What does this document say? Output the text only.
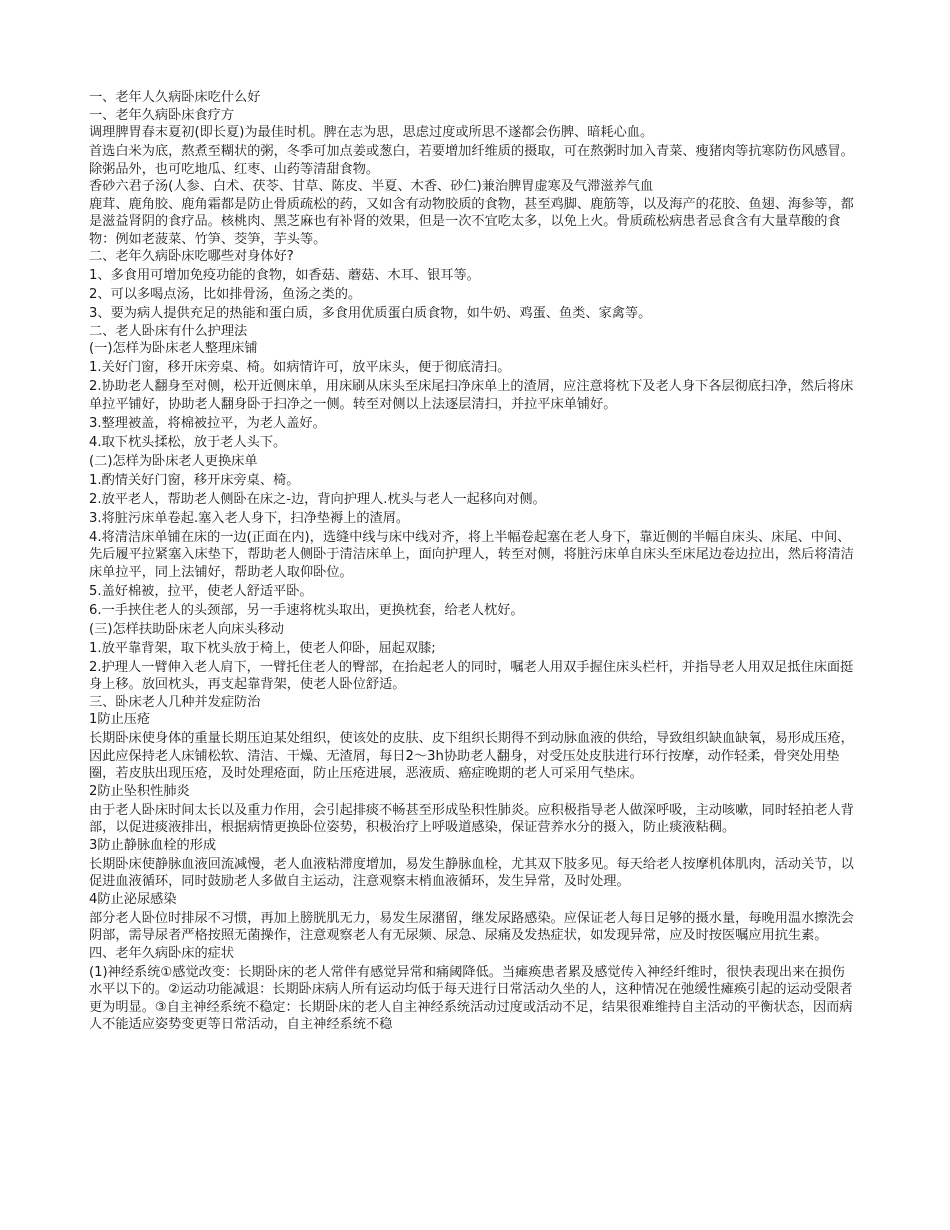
一、老年人久病卧床吃什么好

一、老年久病卧床食疗方

调理脾胃春末夏初(即长夏)为最佳时机。脾在志为思，思虑过度或所思不遂都会伤脾、暗耗心血。

首选白米为底，熬煮至糊状的粥，冬季可加点姜或葱白，若要增加纤维质的摄取，可在熬粥时加入青菜、瘦猪肉等抗寒防伤风感冒。除粥品外，也可吃地瓜、红枣、山药等清甜食物。

香砂六君子汤(人参、白术、茯苓、甘草、陈皮、半夏、木香、砂仁)兼治脾胃虚寒及气滞滋养气血

鹿茸、鹿角胶、鹿角霜都是防止骨质疏松的药，又如含有动物胶质的食物，甚至鸡脚、鹿筋等，以及海产的花胶、鱼翅、海参等，都是滋益肾阴的食疗品。核桃肉、黑芝麻也有补肾的效果，但是一次不宜吃太多，以免上火。骨质疏松病患者忌食含有大量草酸的食物：例如老菠菜、竹笋、茭笋，芋头等。

二、老年久病卧床吃哪些对身体好?

1、多食用可增加免疫功能的食物，如香菇、蘑菇、木耳、银耳等。

2、可以多喝点汤，比如排骨汤，鱼汤之类的。

3、要为病人提供充足的热能和蛋白质，多食用优质蛋白质食物，如牛奶、鸡蛋、鱼类、家禽等。

二、老人卧床有什么护理法

(一)怎样为卧床老人整理床铺

1.关好门窗，移开床旁桌、椅。如病情许可，放平床头，便于彻底清扫。

2.协助老人翻身至对侧，松开近侧床单，用床刷从床头至床尾扫净床单上的渣屑，应注意将枕下及老人身下各层彻底扫净，然后将床单拉平铺好，协助老人翻身卧于扫净之一侧。转至对侧以上法逐层清扫，并拉平床单铺好。

3.整理被盖，将棉被拉平，为老人盖好。

4.取下枕头揉松，放于老人头下。

(二)怎样为卧床老人更换床单

1.酌情关好门窗，移开床旁桌、椅。

2.放平老人，帮助老人侧卧在床之-边，背向护理人.枕头与老人一起移向对侧。

3.将脏污床单卷起.塞入老人身下，扫净垫褥上的渣屑。

4.将清洁床单铺在床的一边(正面在内)，选缝中线与床中线对齐，将上半幅卷起塞在老人身下，靠近侧的半幅自床头、床尾、中间、先后履平拉紧塞入床垫下，帮助老人侧卧于清洁床单上，面向护理人，转至对侧，将脏污床单自床头至床尾边卷边拉出，然后将清洁床单拉平，同上法铺好，帮助老人取仰卧位。

5.盖好棉被，拉平，使老人舒适平卧。

6.一手挟住老人的头颈部，另一手速将枕头取出，更换枕套，给老人枕好。

(三)怎样扶助卧床老人向床头移动

1.放平靠背架，取下枕头放于椅上，使老人仰卧，屈起双膝;

2.护理人一臂伸入老人肩下，一臂托住老人的臀部，在抬起老人的同时，嘱老人用双手握住床头栏杆，并指导老人用双足抵住床面挺身上移。放回枕头，再支起靠背架，使老人卧位舒适。

三、卧床老人几种并发症防治

1防止压疮

长期卧床使身体的重量长期压迫某处组织，使该处的皮肤、皮下组织长期得不到动脉血液的供给，导致组织缺血缺氧，易形成压疮，因此应保持老人床铺松软、清洁、干燥、无渣屑，每日2～3h协助老人翻身，对受压处皮肤进行环行按摩，动作轻柔，骨突处用垫圈，若皮肤出现压疮，及时处理疮面，防止压疮进展，恶液质、癌症晚期的老人可采用气垫床。

2防止坠积性肺炎

由于老人卧床时间太长以及重力作用，会引起排痰不畅甚至形成坠积性肺炎。应积极指导老人做深呼吸，主动咳嗽，同时轻拍老人背部，以促进痰液排出，根据病情更换卧位姿势，积极治疗上呼吸道感染，保证营养水分的摄入，防止痰液粘稠。

3防止静脉血栓的形成

长期卧床使静脉血液回流减慢，老人血液粘滞度增加，易发生静脉血栓，尤其双下肢多见。每天给老人按摩机体肌肉，活动关节，以促进血液循环，同时鼓励老人多做自主运动，注意观察末梢血液循环，发生异常，及时处理。

4防止泌尿感染

部分老人卧位时排尿不习惯，再加上膀胱肌无力，易发生尿潴留，继发尿路感染。应保证老人每日足够的摄水量，每晚用温水擦洗会阴部，需导尿者严格按照无菌操作，注意观察老人有无尿频、尿急、尿痛及发热症状，如发现异常，应及时按医嘱应用抗生素。

四、老年久病卧床的症状

(1)神经系统①感觉改变：长期卧床的老人常伴有感觉异常和痛阈降低。当瘫痪患者累及感觉传入神经纤维时，很快表现出来在损伤水平以下的。②运动功能减退：长期卧床病人所有运动均低于每天进行日常活动久坐的人，这种情况在弛缓性瘫痪引起的运动受限者更为明显。③自主神经系统不稳定：长期卧床的老人自主神经系统活动过度或活动不足，结果很难维持自主活动的平衡状态，因而病人不能适应姿势变更等日常活动，自主神经系统不稳
